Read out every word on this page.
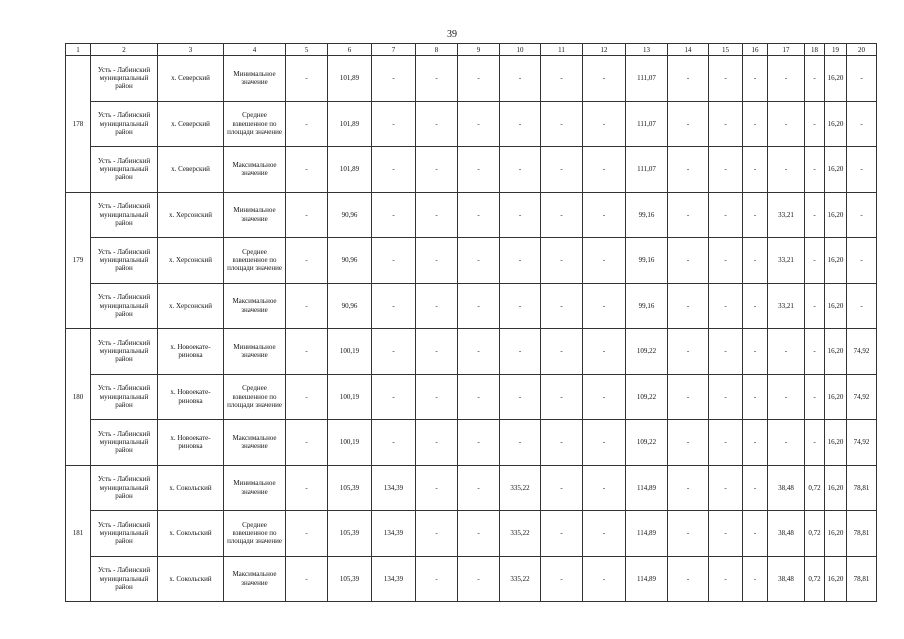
39
1	2	3	4	5	6	7	8	9	10	11	12	13	14	15	16	17	18	19	20
178	Усть - Лабинский муниципальный район	х. Северский	Минимальное значение	-	101,89	-	-	-	-	-	-	111,07	-	-	-	-	-	16,20	-
	Усть - Лабинский муниципальный район	х. Северский	Среднее взвешенное по площади значение	-	101,89	-	-	-	-	-	-	111,07	-	-	-	-	-	16,20	-
	Усть - Лабинский муниципальный район	х. Северский	Максимальное значение	-	101,89	-	-	-	-	-	-	111,07	-	-	-	-	-	16,20	-
179	Усть - Лабинский муниципальный район	х. Херсонский	Минимальное значение	-	90,96	-	-	-	-	-	-	99,16	-	-	-	33,21	-	16,20	-
	Усть - Лабинский муниципальный район	х. Херсонский	Среднее взвешенное по площади значение	-	90,96	-	-	-	-	-	-	99,16	-	-	-	33,21	-	16,20	-
	Усть - Лабинский муниципальный район	х. Херсонский	Максимальное значение	-	90,96	-	-	-	-	-	-	99,16	-	-	-	33,21	-	16,20	-
180	Усть - Лабинский муниципальный район	х. Новоекате-риновка	Минимальное значение	-	100,19	-	-	-	-	-	-	109,22	-	-	-	-	-	16,20	74,92
	Усть - Лабинский муниципальный район	х. Новоекате-риновка	Среднее взвешенное по площади значение	-	100,19	-	-	-	-	-	-	109,22	-	-	-	-	-	16,20	74,92
	Усть - Лабинский муниципальный район	х. Новоекате-риновка	Максимальное значение	-	100,19	-	-	-	-	-	-	109,22	-	-	-	-	-	16,20	74,92
181	Усть - Лабинский муниципальный район	х. Сокольский	Минимальное значение	-	105,39	134,39	-	-	335,22	-	-	114,89	-	-	-	38,48	0,72	16,20	78,81
	Усть - Лабинский муниципальный район	х. Сокольский	Среднее взвешенное по площади значение	-	105,39	134,39	-	-	335,22	-	-	114,89	-	-	-	38,48	0,72	16,20	78,81
	Усть - Лабинский муниципальный район	х. Сокольский	Максимальное значение	-	105,39	134,39	-	-	335,22	-	-	114,89	-	-	-	38,48	0,72	16,20	78,81
